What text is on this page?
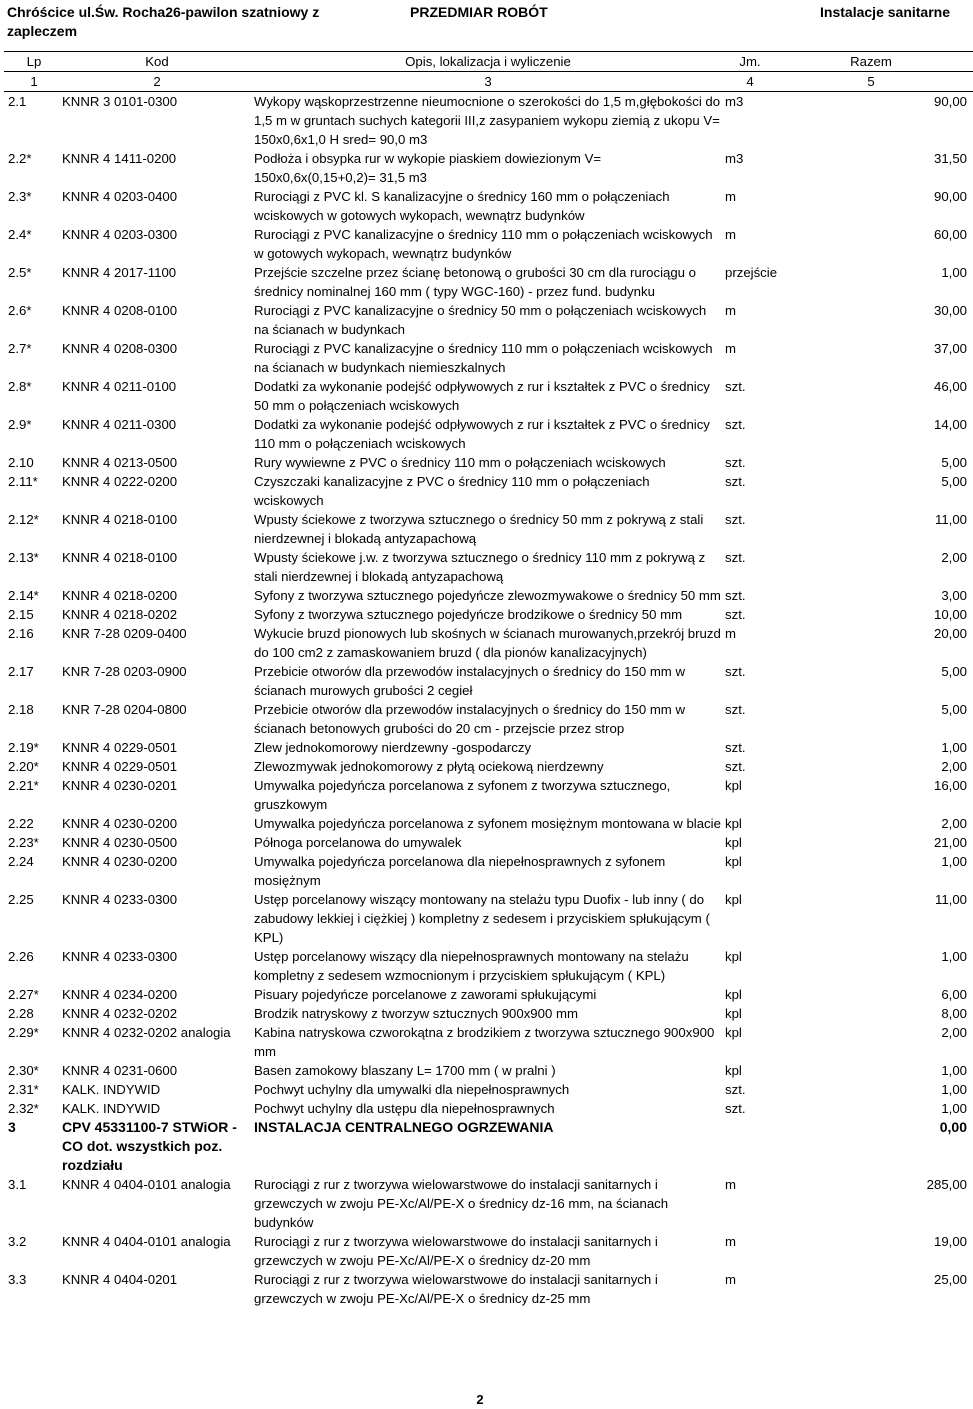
Chróścice ul.Św. Rocha26-pawilon szatniowy z zapleczem
PRZEDMIAR ROBÓT	Instalacje sanitarne
Lp	Kod	Opis, lokalizacja i wyliczenie	Jm.	Razem
1	2	3	4	5
2.1	KNNR 3 0101-0300	Wykopy wąskoprzestrzenne nieumocnione o szerokości do 1,5 m,głębokości do 1,5 m w gruntach suchych kategorii III,z zasypaniem wykopu ziemią z ukopu V= 150x0,6x1,0 H sred= 90,0 m3	m3	90,00
2.2*	KNNR 4 1411-0200	Podłoża i obsypka rur w wykopie piaskiem dowiezionym V= 150x0,6x(0,15+0,2)= 31,5 m3	m3	31,50
2.3*	KNNR 4 0203-0400	Rurociągi z PVC kl. S kanalizacyjne o średnicy 160 mm o połączeniach wciskowych w gotowych wykopach, wewnątrz budynków	m	90,00
2.4*	KNNR 4 0203-0300	Rurociągi z PVC kanalizacyjne o średnicy 110 mm o połączeniach wciskowych w gotowych wykopach, wewnątrz budynków	m	60,00
2.5*	KNNR 4 2017-1100	Przejście szczelne przez ścianę betonową o grubości 30 cm dla rurociągu o średnicy nominalnej 160 mm ( typy WGC-160) - przez fund. budynku	przejście	1,00
2.6*	KNNR 4 0208-0100	Rurociągi z PVC kanalizacyjne o średnicy 50 mm o połączeniach wciskowych na ścianach w budynkach	m	30,00
2.7*	KNNR 4 0208-0300	Rurociągi z PVC kanalizacyjne o średnicy 110 mm o połączeniach wciskowych na ścianach w budynkach niemieszkalnych	m	37,00
2.8*	KNNR 4 0211-0100	Dodatki za wykonanie podejść odpływowych z rur i kształtek z PVC o średnicy 50 mm o połączeniach wciskowych	szt.	46,00
2.9*	KNNR 4 0211-0300	Dodatki za wykonanie podejść odpływowych z rur i kształtek z PVC o średnicy 110 mm o połączeniach wciskowych	szt.	14,00
2.10	KNNR 4 0213-0500	Rury wywiewne z PVC o średnicy 110 mm o połączeniach wciskowych	szt.	5,00
2.11*	KNNR 4 0222-0200	Czyszczaki kanalizacyjne z PVC o średnicy 110 mm o połączeniach wciskowych	szt.	5,00
2.12*	KNNR 4 0218-0100	Wpusty ściekowe z tworzywa sztucznego o średnicy 50 mm z pokrywą z stali nierdzewnej i blokadą antyzapachową	szt.	11,00
2.13*	KNNR 4 0218-0100	Wpusty ściekowe j.w. z tworzywa sztucznego o średnicy 110 mm z pokrywą z stali nierdzewnej i blokadą antyzapachową	szt.	2,00
2.14*	KNNR 4 0218-0200	Syfony z tworzywa sztucznego pojedyńcze zlewozmywakowe o średnicy 50 mm	szt.	3,00
2.15	KNNR 4 0218-0202	Syfony z tworzywa sztucznego pojedyńcze brodzikowe o średnicy 50 mm	szt.	10,00
2.16	KNR 7-28 0209-0400	Wykucie bruzd pionowych lub skośnych w ścianach murowanych,przekrój bruzd do 100 cm2 z zamaskowaniem bruzd ( dla pionów kanalizacyjnych)	m	20,00
2.17	KNR 7-28 0203-0900	Przebicie otworów dla przewodów instalacyjnych o średnicy do 150 mm w ścianach murowych grubości 2 cegieł	szt.	5,00
2.18	KNR 7-28 0204-0800	Przebicie otworów dla przewodów instalacyjnych o średnicy do 150 mm w ścianach betonowych grubości do 20 cm - przejscie przez strop	szt.	5,00
2.19*	KNNR 4 0229-0501	Zlew jednokomorowy nierdzewny -gospodarczy	szt.	1,00
2.20*	KNNR 4 0229-0501	Zlewozmywak jednokomorowy z płytą ociekową nierdzewny	szt.	2,00
2.21*	KNNR 4 0230-0201	Umywalka pojedyńcza porcelanowa z syfonem z tworzywa sztucznego, gruszkowym	kpl	16,00
2.22	KNNR 4 0230-0200	Umywalka pojedyńcza porcelanowa z syfonem mosiężnym montowana w blacie	kpl	2,00
2.23*	KNNR 4 0230-0500	Półnoga porcelanowa do umywalek	kpl	21,00
2.24	KNNR 4 0230-0200	Umywalka pojedyńcza porcelanowa dla niepełnosprawnych z syfonem mosiężnym	kpl	1,00
2.25	KNNR 4 0233-0300	Ustęp porcelanowy wiszący montowany na stelażu typu Duofix - lub inny ( do zabudowy lekkiej i ciężkiej ) kompletny z sedesem i przyciskiem spłukującym ( KPL)	kpl	11,00
2.26	KNNR 4 0233-0300	Ustęp porcelanowy wiszący dla niepełnosprawnych montowany na stelażu kompletny z sedesem wzmocnionym i przyciskiem spłukującym ( KPL)	kpl	1,00
2.27*	KNNR 4 0234-0200	Pisuary pojedyńcze porcelanowe z zaworami spłukującymi	kpl	6,00
2.28	KNNR 4 0232-0202	Brodzik natryskowy z tworzyw sztucznych 900x900 mm	kpl	8,00
2.29*	KNNR 4 0232-0202 analogia	Kabina natryskowa czworokątna z brodzikiem z tworzywa sztucznego 900x900 mm	kpl	2,00
2.30*	KNNR 4 0231-0600	Basen zamokowy blaszany L= 1700 mm ( w pralni )	kpl	1,00
2.31*	KALK. INDYWID	Pochwyt uchylny dla umywalki dla niepełnosprawnych	szt.	1,00
2.32*	KALK. INDYWID	Pochwyt uchylny dla ustępu dla niepełnosprawnych	szt.	1,00
3	CPV 45331100-7 STWiOR - CO dot. wszystkich poz. rozdziału	INSTALACJA CENTRALNEGO OGRZEWANIA		0,00
3.1	KNNR 4 0404-0101 analogia	Rurociągi z rur z tworzywa wielowarstwowe do instalacji sanitarnych i grzewczych w zwoju PE-Xc/Al/PE-X o średnicy dz-16 mm, na ścianach budynków	m	285,00
3.2	KNNR 4 0404-0101 analogia	Rurociągi z rur z tworzywa wielowarstwowe do instalacji sanitarnych i grzewczych w zwoju PE-Xc/Al/PE-X o średnicy dz-20 mm	m	19,00
3.3	KNNR 4 0404-0201	Rurociągi z rur z tworzywa wielowarstwowe do instalacji sanitarnych i grzewczych w zwoju PE-Xc/Al/PE-X o średnicy dz-25 mm	m	25,00
2
